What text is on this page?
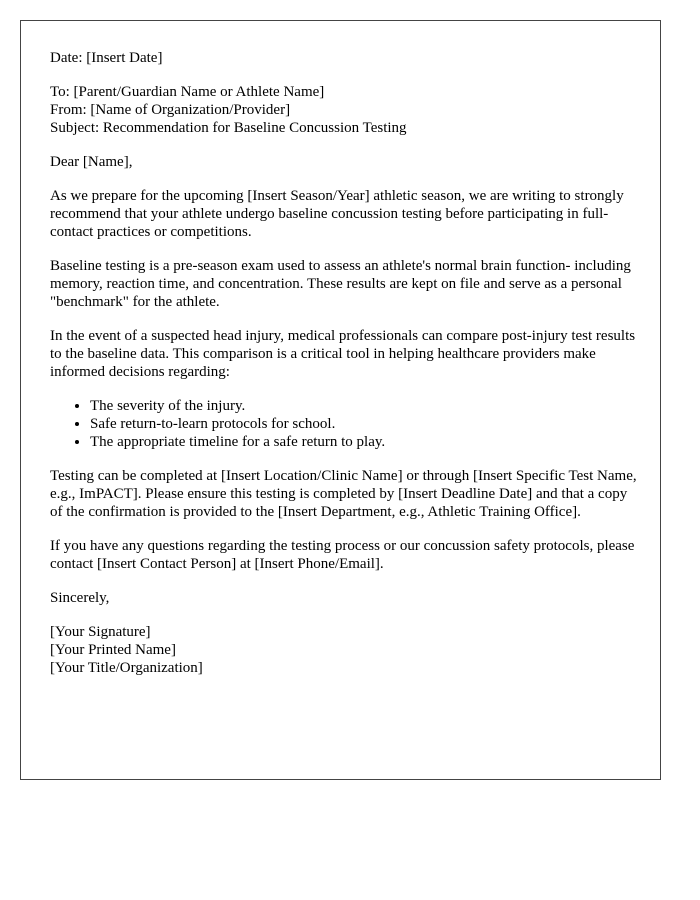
Date: [Insert Date]
To: [Parent/Guardian Name or Athlete Name]
From: [Name of Organization/Provider]
Subject: Recommendation for Baseline Concussion Testing
Dear [Name],

As we prepare for the upcoming [Insert Season/Year] athletic season, we are writing to strongly recommend that your athlete undergo baseline concussion testing before participating in full-contact practices or competitions.

Baseline testing is a pre-season exam used to assess an athlete's normal brain function- including memory, reaction time, and concentration. These results are kept on file and serve as a personal "benchmark" for the athlete.

In the event of a suspected head injury, medical professionals can compare post-injury test results to the baseline data. This comparison is a critical tool in helping healthcare providers make informed decisions regarding:

• The severity of the injury.
• Safe return-to-learn protocols for school.
• The appropriate timeline for a safe return to play.

Testing can be completed at [Insert Location/Clinic Name] or through [Insert Specific Test Name, e.g., ImPACT]. Please ensure this testing is completed by [Insert Deadline Date] and that a copy of the confirmation is provided to the [Insert Department, e.g., Athletic Training Office].

If you have any questions regarding the testing process or our concussion safety protocols, please contact [Insert Contact Person] at [Insert Phone/Email].

Sincerely,
[Your Signature]
[Your Printed Name]
[Your Title/Organization]
